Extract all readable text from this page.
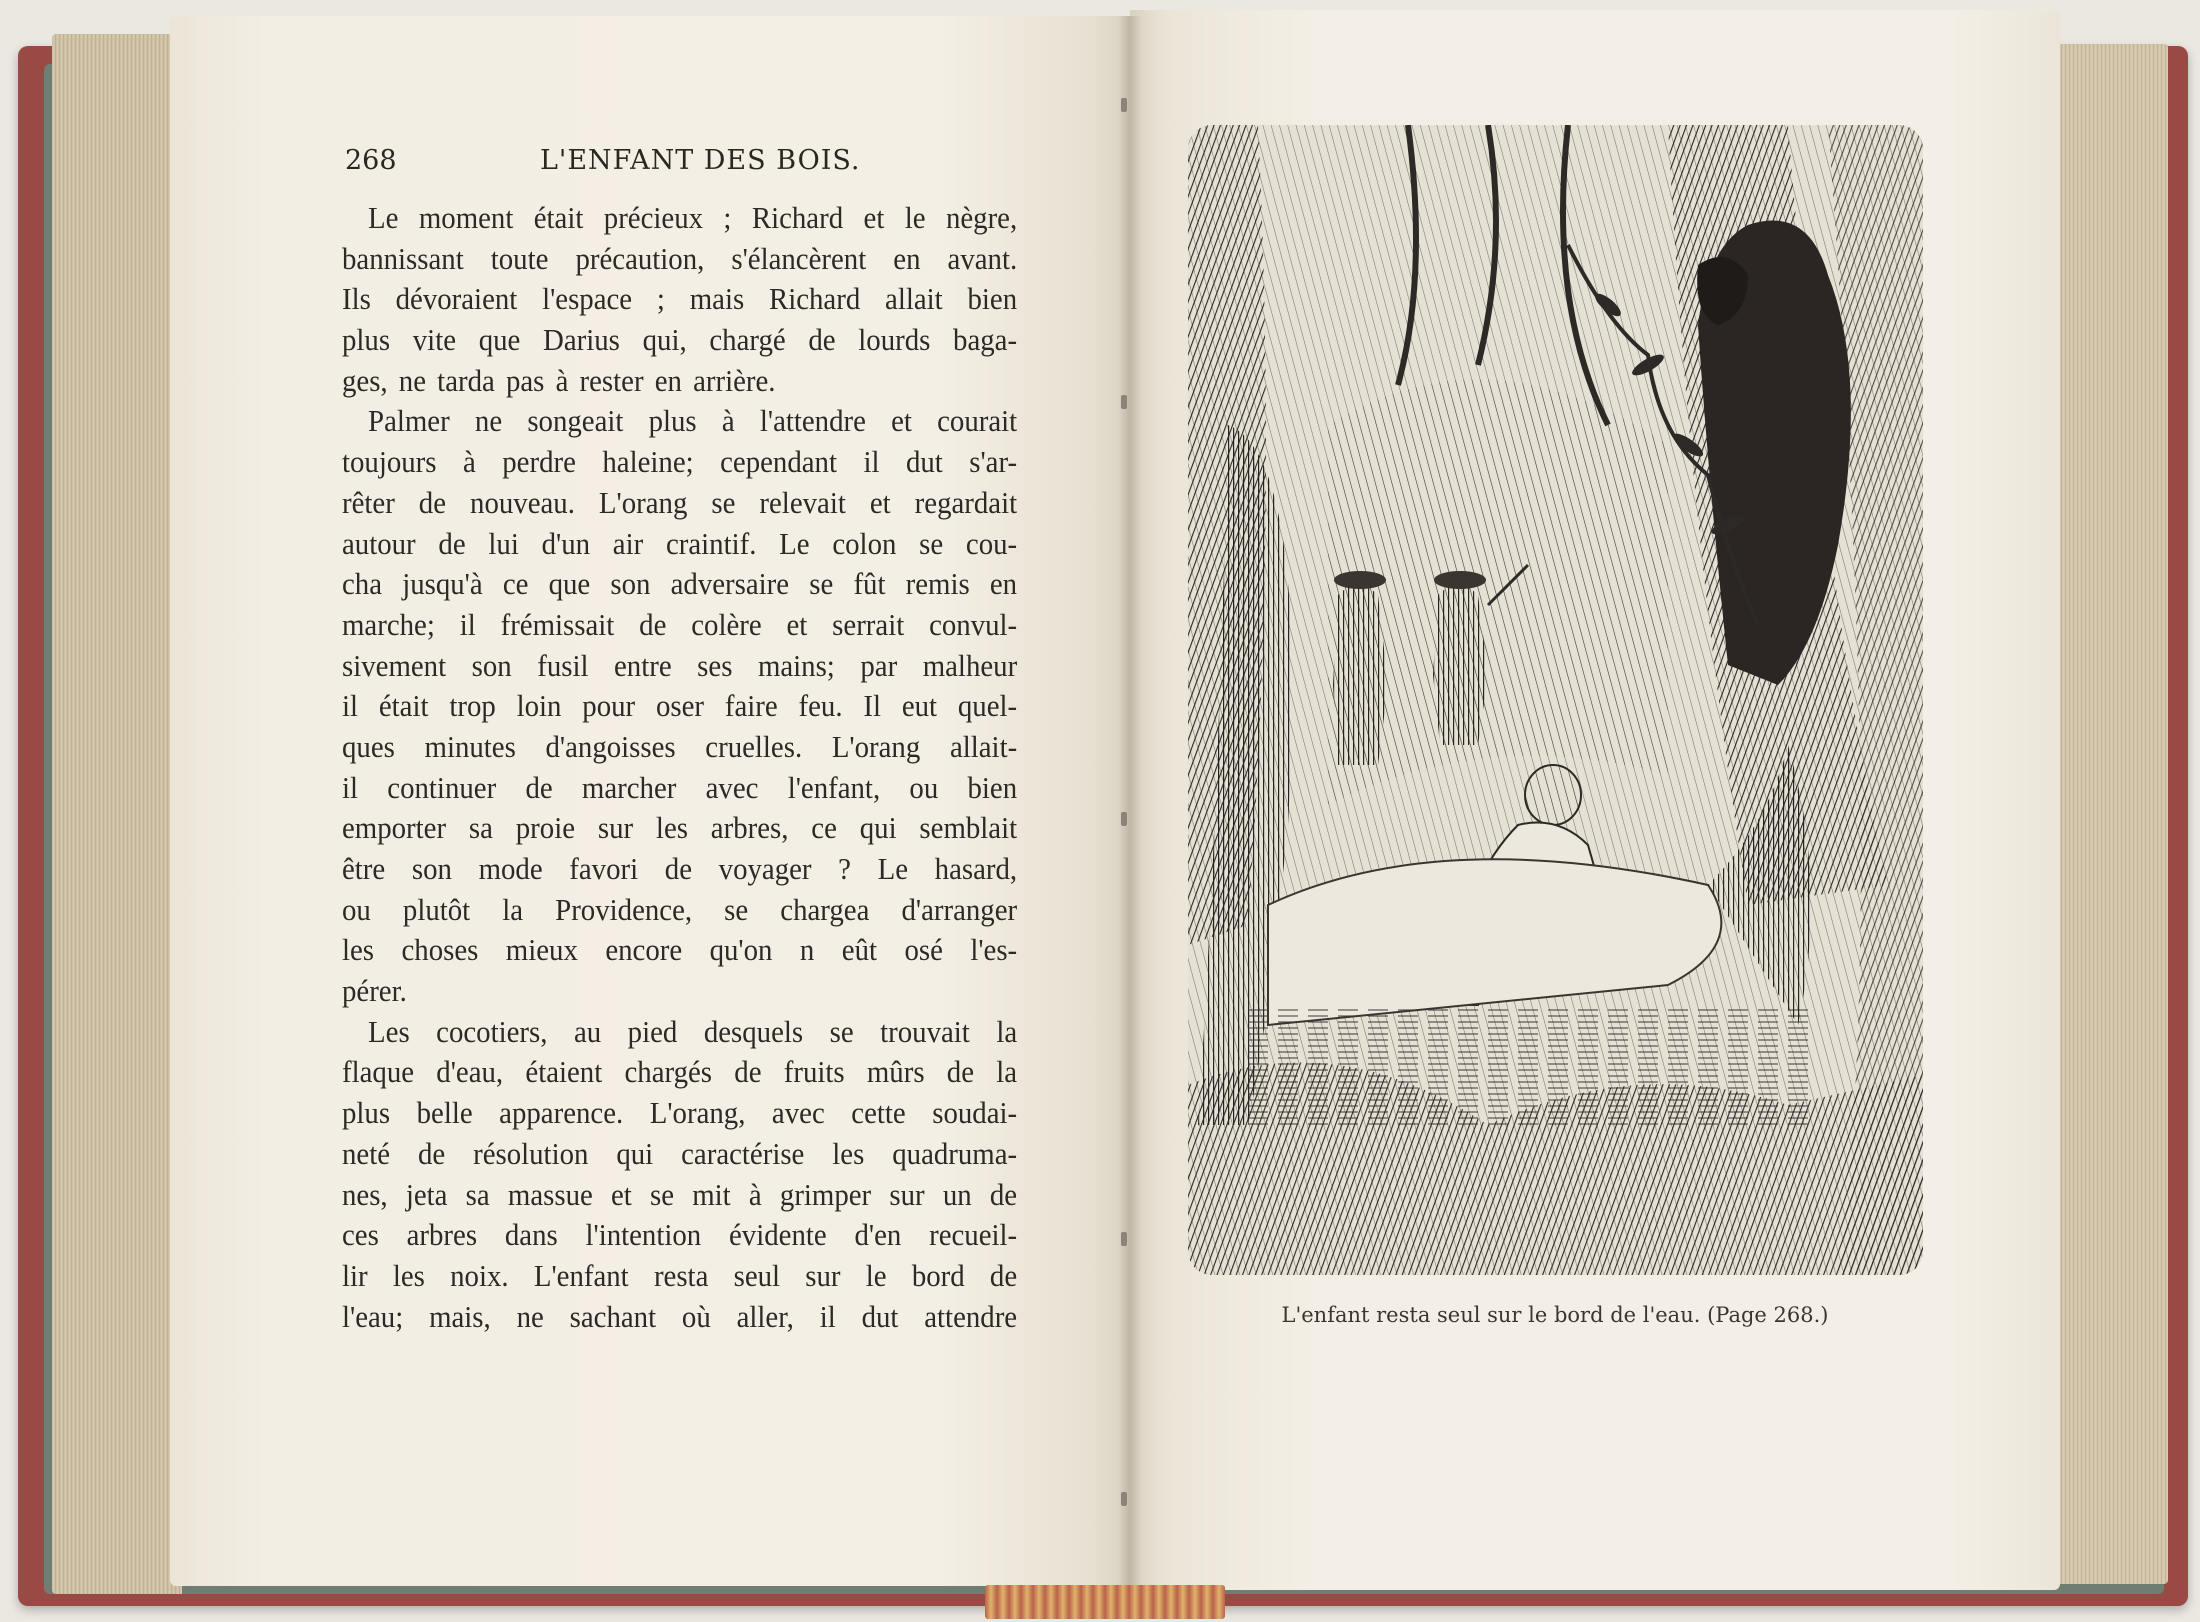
268	L'ENFANT DES BOIS.
Le moment était précieux ; Richard et le nègre,
bannissant toute précaution, s'élancèrent en avant.
Ils dévoraient l'espace ; mais Richard allait bien
plus vite que Darius qui, chargé de lourds baga-
ges, ne tarda pas à rester en arrière.
Palmer ne songeait plus à l'attendre et courait
toujours à perdre haleine; cependant il dut s'ar-
rêter de nouveau. L'orang se relevait et regardait
autour de lui d'un air craintif. Le colon se cou-
cha jusqu'à ce que son adversaire se fût remis en
marche; il frémissait de colère et serrait convul-
sivement son fusil entre ses mains; par malheur
il était trop loin pour oser faire feu. Il eut quel-
ques minutes d'angoisses cruelles. L'orang allait-
il continuer de marcher avec l'enfant, ou bien
emporter sa proie sur les arbres, ce qui semblait
être son mode favori de voyager ? Le hasard,
ou plutôt la Providence, se chargea d'arranger
les choses mieux encore qu'on n eût osé l'es-
pérer.
Les cocotiers, au pied desquels se trouvait la
flaque d'eau, étaient chargés de fruits mûrs de la
plus belle apparence. L'orang, avec cette soudai-
neté de résolution qui caractérise les quadruma-
nes, jeta sa massue et se mit à grimper sur un de
ces arbres dans l'intention évidente d'en recueil-
lir les noix. L'enfant resta seul sur le bord de
l'eau; mais, ne sachant où aller, il dut attendre	L'enfant resta seul sur le bord de l'eau. (Page 268.)
